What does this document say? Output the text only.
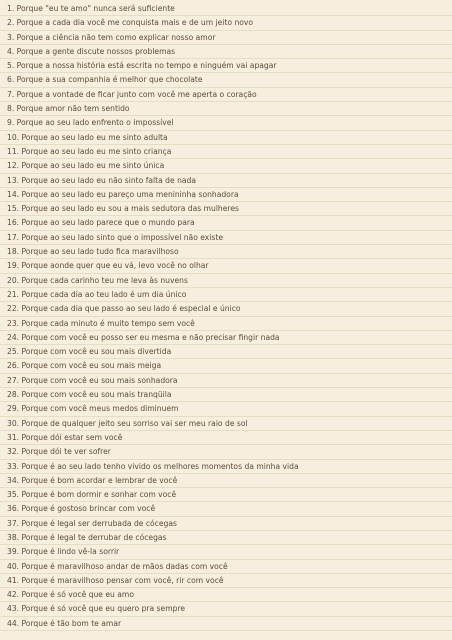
1. Porque "eu te amo" nunca será suficiente
2. Porque a cada dia você me conquista mais e de um jeito novo
3. Porque a ciência não tem como explicar nosso amor
4. Porque a gente discute nossos problemas
5. Porque a nossa história está escrita no tempo e ninguém vai apagar
6. Porque a sua companhia é melhor que chocolate
7. Porque a vontade de ficar junto com você me aperta o coração
8. Porque amor não tem sentido
9. Porque ao seu lado enfrento o impossível
10. Porque ao seu lado eu me sinto adulta
11. Porque ao seu lado eu me sinto criança
12. Porque ao seu lado eu me sinto única
13. Porque ao seu lado eu não sinto falta de nada
14. Porque ao seu lado eu pareço uma menininha sonhadora
15. Porque ao seu lado eu sou a mais sedutora das mulheres
16. Porque ao seu lado parece que o mundo para
17. Porque ao seu lado sinto que o impossível não existe
18. Porque ao seu lado tudo fica maravilhoso
19. Porque aonde quer que eu vá, levo você no olhar
20. Porque cada carinho teu me leva às nuvens
21. Porque cada dia ao teu lado é um dia único
22. Porque cada dia que passo ao seu lado é especial e único
23. Porque cada minuto é muito tempo sem você
24. Porque com você eu posso ser eu mesma e não precisar fingir nada
25. Porque com você eu sou mais divertida
26. Porque com você eu sou mais meiga
27. Porque com você eu sou mais sonhadora
28. Porque com você eu sou mais tranqüila
29. Porque com você meus medos diminuem
30. Porque de qualquer jeito seu sorriso vai ser meu raio de sol
31. Porque dói estar sem você
32. Porque dói te ver sofrer
33. Porque é ao seu lado tenho vivido os melhores momentos da minha vida
34. Porque é bom acordar e lembrar de você
35. Porque é bom dormir e sonhar com você
36. Porque é gostoso brincar com você
37. Porque é legal ser derrubada de cócegas
38. Porque é legal te derrubar de cócegas
39. Porque é lindo vê-la sorrir
40. Porque é maravilhoso andar de mãos dadas com você
41. Porque é maravilhoso pensar com você, rir com você
42. Porque é só você que eu amo
43. Porque é só você que eu quero pra sempre
44. Porque é tão bom te amar
